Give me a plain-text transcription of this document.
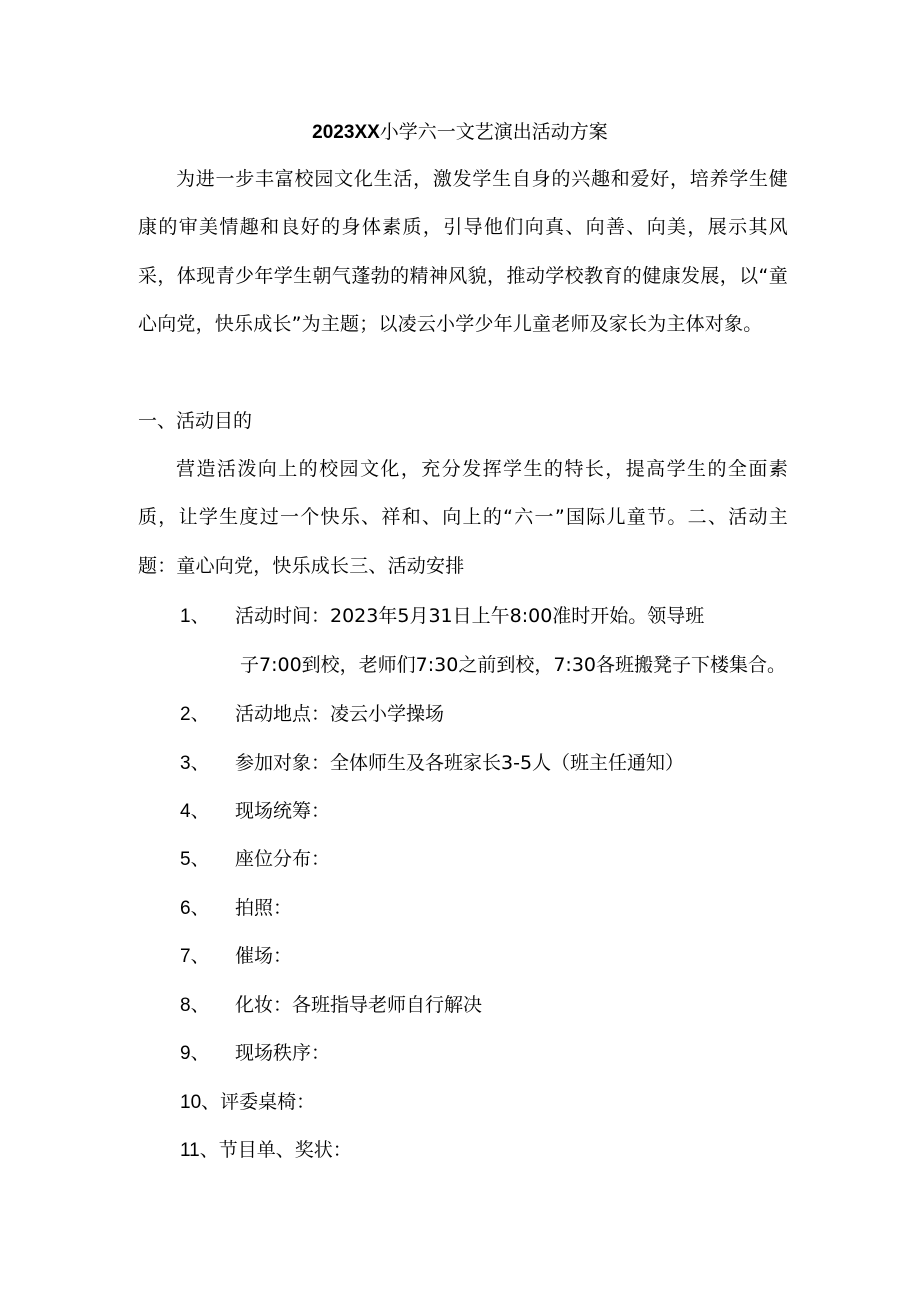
2023XX小学六一文艺演出活动方案

为进一步丰富校园文化生活，激发学生自身的兴趣和爱好，培养学生健康的审美情趣和良好的身体素质，引导他们向真、向善、向美，展示其风采，体现青少年学生朝气蓬勃的精神风貌，推动学校教育的健康发展，以“童心向党，快乐成长”为主题；以凌云小学少年儿童老师及家长为主体对象。

一、活动目的

营造活泼向上的校园文化，充分发挥学生的特长，提高学生的全面素质，让学生度过一个快乐、祥和、向上的“六一”国际儿童节。二、活动主题：童心向党，快乐成长三、活动安排

1、 活动时间：2023年5月31日上午8:00准时开始。领导班
子7:00到校，老师们7:30之前到校，7:30各班搬凳子下楼集合。
2、 活动地点：凌云小学操场
3、 参加对象：全体师生及各班家长3-5人（班主任通知）
4、 现场统筹：
5、 座位分布：
6、 拍照：
7、 催场：
8、 化妆：各班指导老师自行解决
9、 现场秩序：
10、评委桌椅：
11、节目单、奖状：
